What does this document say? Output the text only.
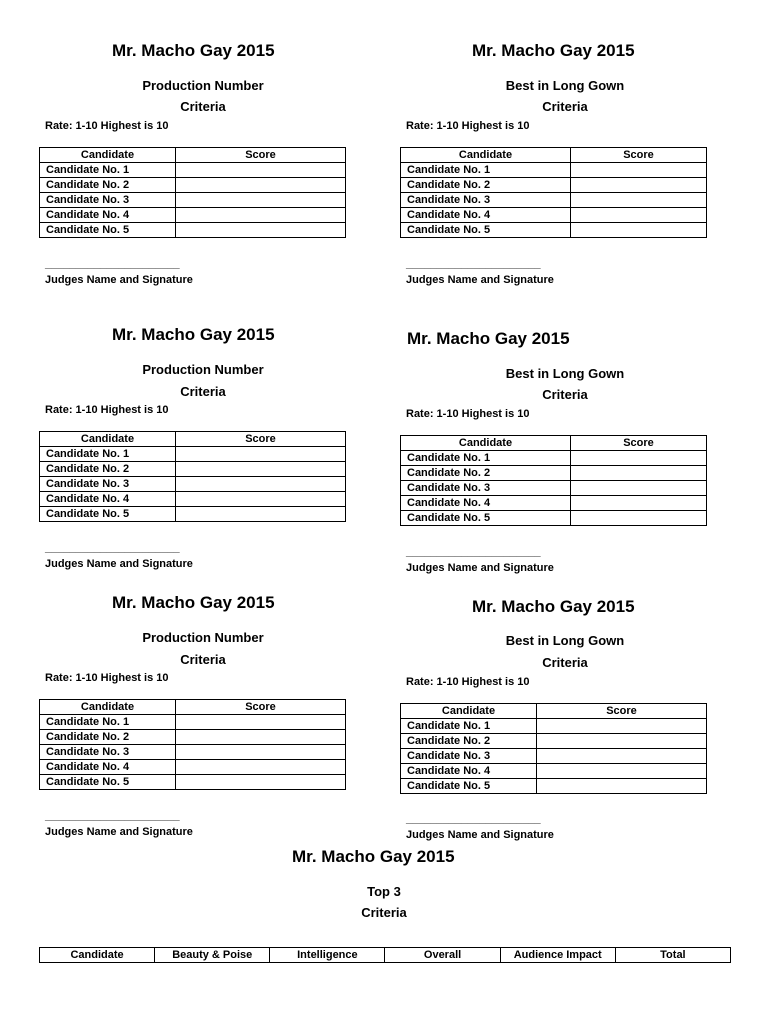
Mr. Macho Gay 2015
Production Number
Criteria
Rate: 1-10 Highest is 10
Candidate	Score
Candidate No. 1	
Candidate No. 2	
Candidate No. 3	
Candidate No. 4	
Candidate No. 5	
______________________
Judges Name and Signature
Mr. Macho Gay 2015
Best in Long Gown
Criteria
Rate: 1-10 Highest is 10
Candidate	Score
Candidate No. 1	
Candidate No. 2	
Candidate No. 3	
Candidate No. 4	
Candidate No. 5	
______________________
Judges Name and Signature
Mr. Macho Gay 2015
Production Number
Criteria
Rate: 1-10 Highest is 10
Candidate	Score
Candidate No. 1	
Candidate No. 2	
Candidate No. 3	
Candidate No. 4	
Candidate No. 5	
______________________
Judges Name and Signature
Mr. Macho Gay 2015
Best in Long Gown
Criteria
Rate: 1-10 Highest is 10
Candidate	Score
Candidate No. 1	
Candidate No. 2	
Candidate No. 3	
Candidate No. 4	
Candidate No. 5	
______________________
Judges Name and Signature
Mr. Macho Gay 2015
Production Number
Criteria
Rate: 1-10 Highest is 10
Candidate	Score
Candidate No. 1	
Candidate No. 2	
Candidate No. 3	
Candidate No. 4	
Candidate No. 5	
______________________
Judges Name and Signature
Mr. Macho Gay 2015
Best in Long Gown
Criteria
Rate: 1-10 Highest is 10
Candidate	Score
Candidate No. 1	
Candidate No. 2	
Candidate No. 3	
Candidate No. 4	
Candidate No. 5	
______________________
Judges Name and Signature
Mr. Macho Gay 2015
Top 3
Criteria
Candidate	Beauty & Poise	Intelligence	Overall	Audience Impact	Total
